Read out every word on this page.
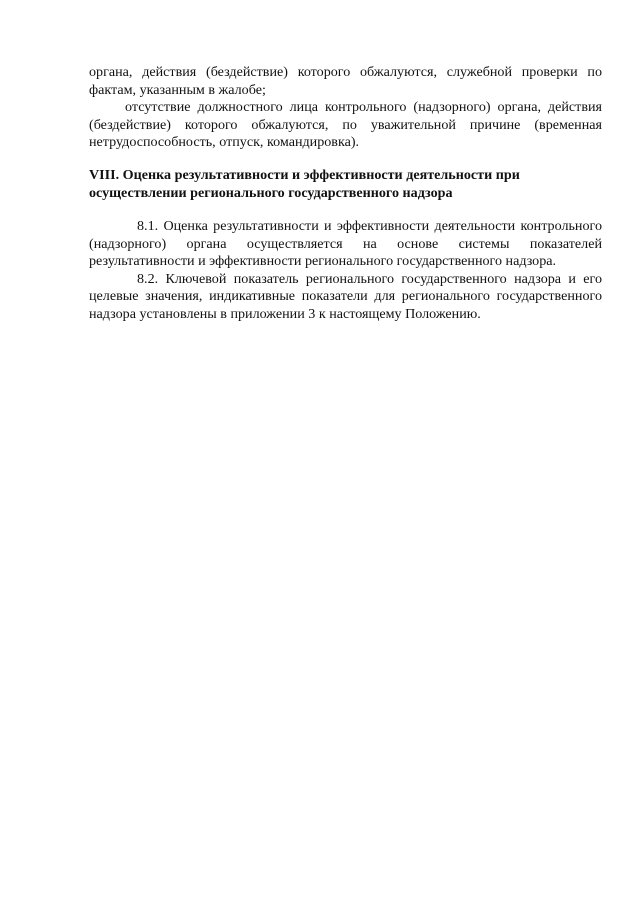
органа, действия (бездействие) которого обжалуются, служебной проверки по фактам, указанным в жалобе;

отсутствие должностного лица контрольного (надзорного) органа, действия (бездействие) которого обжалуются, по уважительной причине (временная нетрудоспособность, отпуск, командировка).

VIII. Оценка результативности и эффективности деятельности при

осуществлении регионального государственного надзора

8.1. Оценка результативности и эффективности деятельности контрольного (надзорного) органа осуществляется на основе системы показателей результативности и эффективности регионального государственного надзора.

8.2. Ключевой показатель регионального государственного надзора и его целевые значения, индикативные показатели для регионального государственного надзора установлены в приложении 3 к настоящему Положению.
